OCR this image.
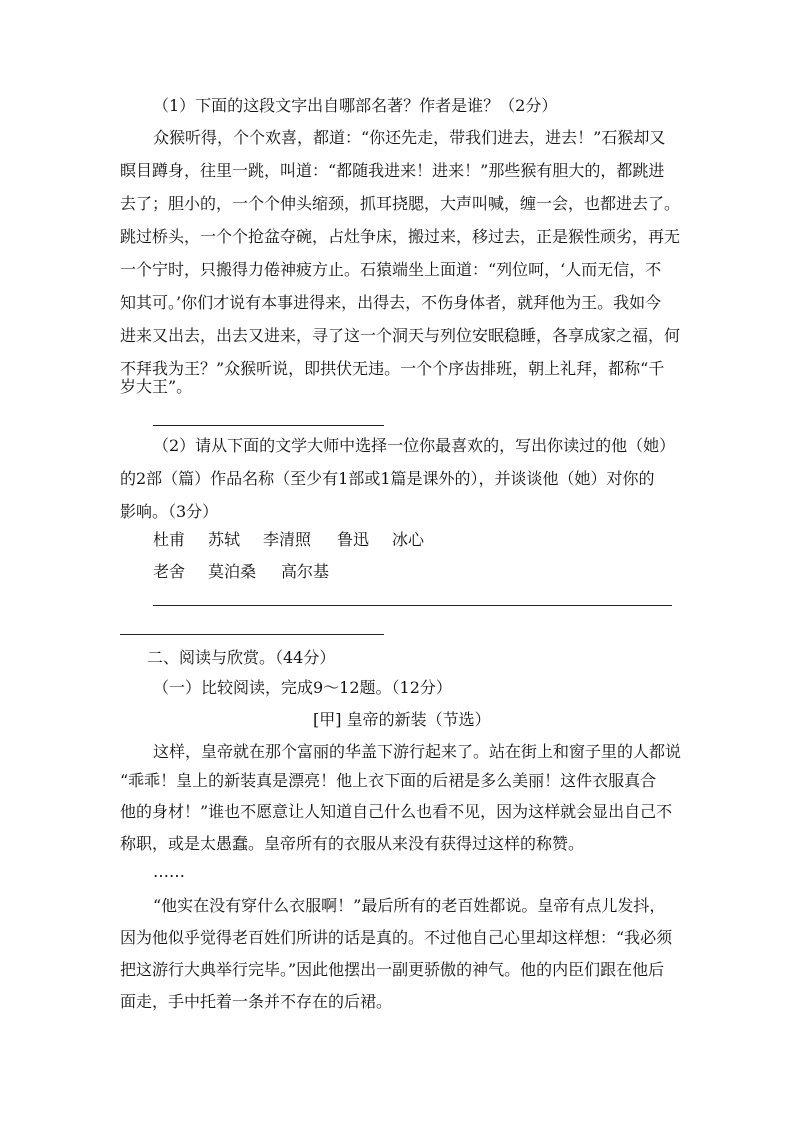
（1）下面的这段文字出自哪部名著？作者是谁？（2分）
众猴听得，个个欢喜，都道：“你还先走，带我们进去，进去！”石猴却又
瞑目蹲身，往里一跳，叫道：“都随我进来！进来！”那些猴有胆大的，都跳进
去了；胆小的，一个个伸头缩颈，抓耳挠腮，大声叫喊，缠一会，也都进去了。
跳过桥头，一个个抢盆夺碗，占灶争床，搬过来，移过去，正是猴性顽劣，再无
一个宁时，只搬得力倦神疲方止。石猿端坐上面道：“列位呵，‘人而无信，不
知其可。’你们才说有本事进得来，出得去，不伤身体者，就拜他为王。我如今
进来又出去，出去又进来，寻了这一个洞天与列位安眠稳睡，各享成家之福，何
不拜我为王？”众猴听说，即拱伏无违。一个个序齿排班，朝上礼拜，都称“千
岁大王”。
（2）请从下面的文学大师中选择一位你最喜欢的，写出你读过的他（她）
的2部（篇）作品名称（至少有1部或1篇是课外的），并谈谈他（她）对你的
影响。（3分）
杜甫 苏轼 李清照 鲁迅 冰心
老舍 莫泊桑 高尔基
二、阅读与欣赏。（44分）
（一）比较阅读，完成9～12题。（12分）
[甲] 皇帝的新装（节选）
这样，皇帝就在那个富丽的华盖下游行起来了。站在街上和窗子里的人都说
“乖乖！皇上的新装真是漂亮！他上衣下面的后裙是多么美丽！这件衣服真合
他的身材！”谁也不愿意让人知道自己什么也看不见，因为这样就会显出自己不
称职，或是太愚蠢。皇帝所有的衣服从来没有获得过这样的称赞。
……
“他实在没有穿什么衣服啊！”最后所有的老百姓都说。皇帝有点儿发抖，
因为他似乎觉得老百姓们所讲的话是真的。不过他自己心里却这样想：“我必须
把这游行大典举行完毕。”因此他摆出一副更骄傲的神气。他的内臣们跟在他后
面走，手中托着一条并不存在的后裙。
